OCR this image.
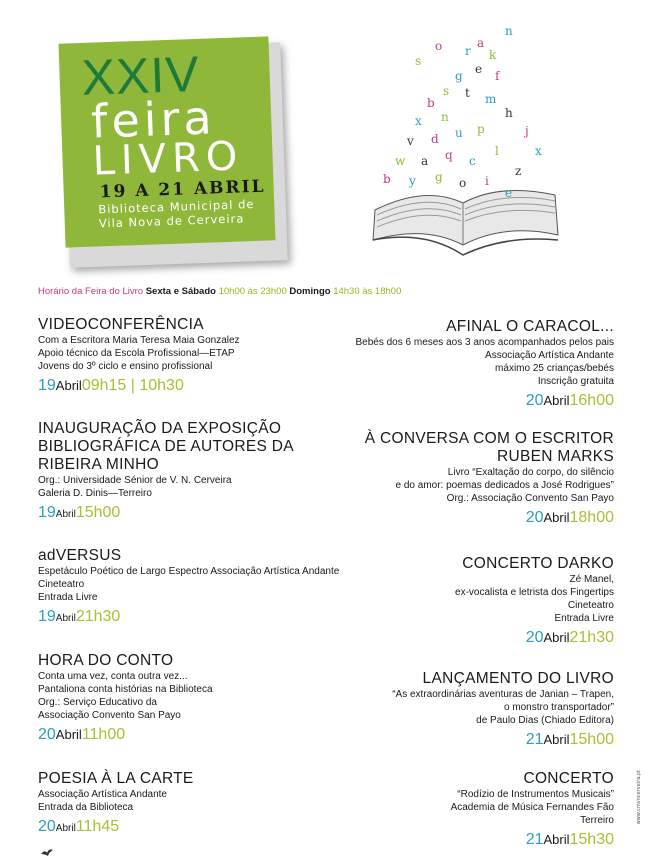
XXIV
feira
LIVRO
19 A 21 ABRIL
Biblioteca Municipal de
Vila Nova de Cerveira
r
a
k
e
g	f
s t m
b
x n	h
j
v d u p
x
w a q c
l
z
b y g o i
e
s
o
n
Horário da Feira do Livro Sexta e Sábado 10h00 às 23h00 Domingo 14h30 às 18h00
VIDEOCONFERÊNCIA
Com a Escritora Maria Teresa Maia Gonzalez
Apoio técnico da Escola Profissional—ETAP
Jovens do 3º ciclo e ensino profissional
19Abril09h15 | 10h30
INAUGURAÇÃO DA EXPOSIÇÃO
BIBLIOGRÁFICA DE AUTORES DA
RIBEIRA MINHO
Org.: Universidade Sénior de V. N. Cerveira
Galeria D. Dinis—Terreiro
19Abril15h00
adVERSUS
Espetáculo Poético de Largo Espectro Associação Artística Andante
Cineteatro
Entrada Livre
19Abril21h30
HORA DO CONTO
Conta uma vez, conta outra vez...
Pantaliona conta histórias na Biblioteca
Org.: Serviço Educativo da
Associação Convento San Payo
20Abril11h00
POESIA À LA CARTE
Associação Artística Andante
Entrada da Biblioteca
20Abril11h45
AFINAL O CARACOL...
Bebés dos 6 meses aos 3 anos acompanhados pelos pais
Associação Artística Andante
máximo 25 crianças/bebés
Inscrição gratuita
20Abril16h00
À CONVERSA COM O ESCRITOR
RUBEN MARKS
Livro “Exaltação do corpo, do silêncio
e do amor: poemas dedicados a José Rodrigues”
Org.: Associação Convento San Payo
20Abril18h00
CONCERTO DARKO
Zé Manel,
ex-vocalista e letrista dos Fingertips
Cineteatro
Entrada Livre
20Abril21h30
LANÇAMENTO DO LIVRO
“As extraordinárias aventuras de Janian – Trapen,
o monstro transportador”
de Paulo Dias (Chiado Editora)
21Abril15h00
CONCERTO
“Rodízio de Instrumentos Musicais”
Academia de Música Fernandes Fão
Terreiro
21Abril15h30
www.cmvncerveira.pt
